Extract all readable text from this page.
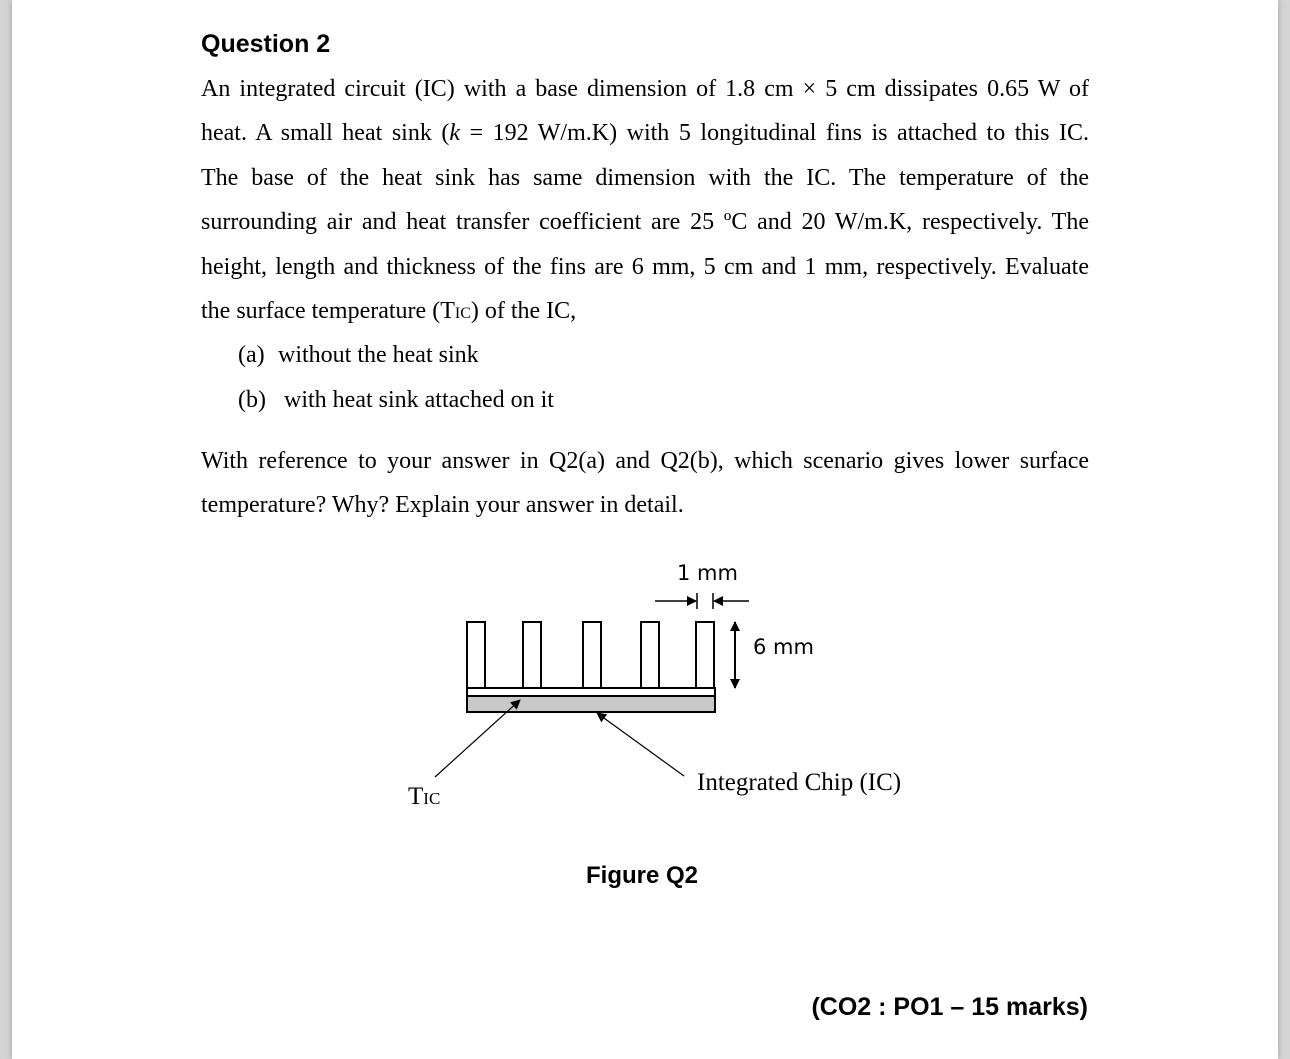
Question 2
An integrated circuit (IC) with a base dimension of 1.8 cm × 5 cm dissipates 0.65 W of
heat. A small heat sink (k = 192 W/m.K) with 5 longitudinal fins is attached to this IC.
The base of the heat sink has same dimension with the IC. The temperature of the
surrounding air and heat transfer coefficient are 25 ºC and 20 W/m.K, respectively. The
height, length and thickness of the fins are 6 mm, 5 cm and 1 mm, respectively. Evaluate
the surface temperature (TIC) of the IC,
(a) without the heat sink
(b) with heat sink attached on it
With reference to your answer in Q2(a) and Q2(b), which scenario gives lower surface
temperature? Why? Explain your answer in detail.
1 mm
6 mm
Integrated Chip (IC)
TIC
Figure Q2
(CO2 : PO1 – 15 marks)
